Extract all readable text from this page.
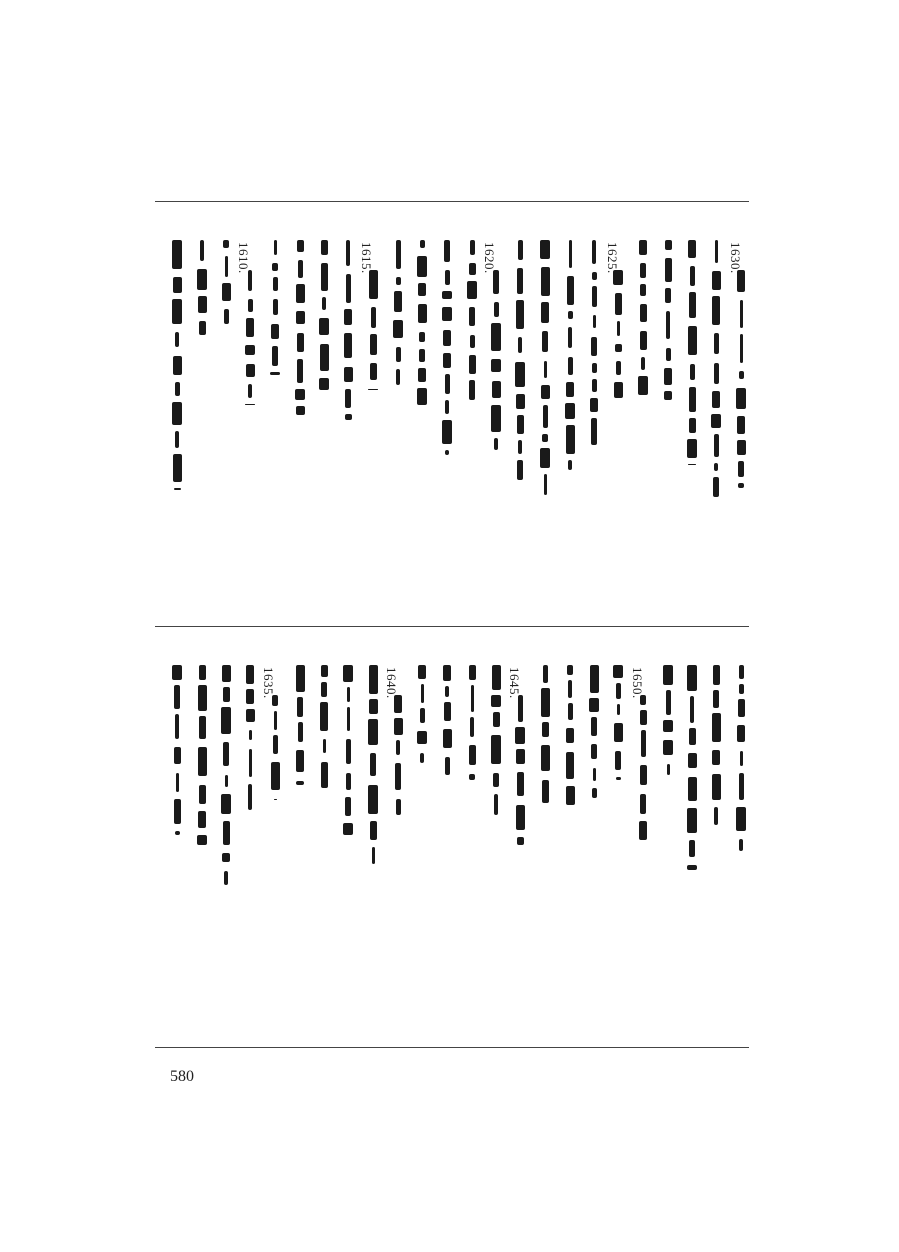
1630.
1625.
1620.
1615.
1610.
1650.
1645.
1640.
1635.
580
